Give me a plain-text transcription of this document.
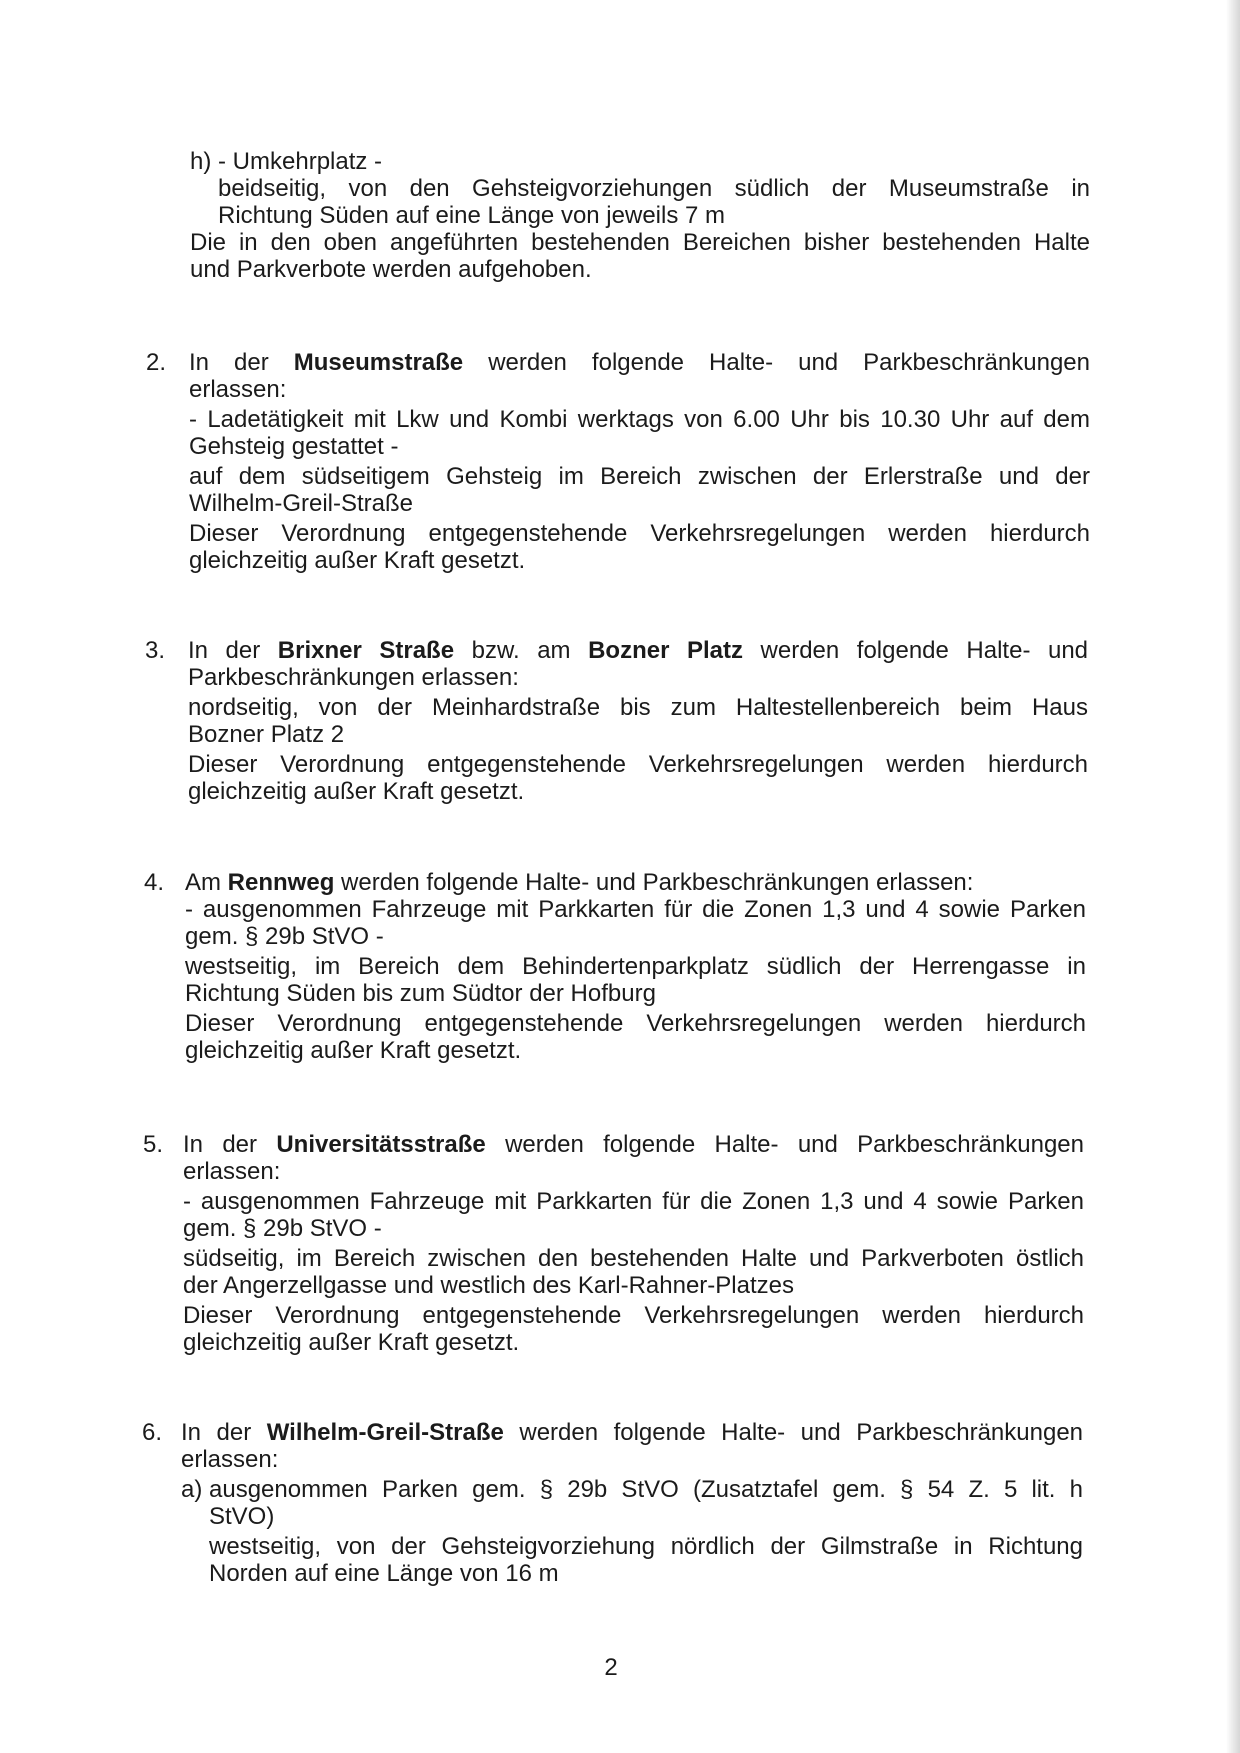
h) - Umkehrplatz -
beidseitig, von den Gehsteigvorziehungen südlich der Museumstraße in
Richtung Süden auf eine Länge von jeweils 7 m
Die in den oben angeführten bestehenden Bereichen bisher bestehenden Halte
und Parkverbote werden aufgehoben.
2. In der Museumstraße werden folgende Halte- und Parkbeschränkungen
erlassen:
- Ladetätigkeit mit Lkw und Kombi werktags von 6.00 Uhr bis 10.30 Uhr auf dem
Gehsteig gestattet -
auf dem südseitigem Gehsteig im Bereich zwischen der Erlerstraße und der
Wilhelm-Greil-Straße
Dieser Verordnung entgegenstehende Verkehrsregelungen werden hierdurch
gleichzeitig außer Kraft gesetzt.
3. In der Brixner Straße bzw. am Bozner Platz werden folgende Halte- und
Parkbeschränkungen erlassen:
nordseitig, von der Meinhardstraße bis zum Haltestellenbereich beim Haus
Bozner Platz 2
Dieser Verordnung entgegenstehende Verkehrsregelungen werden hierdurch
gleichzeitig außer Kraft gesetzt.
4. Am Rennweg werden folgende Halte- und Parkbeschränkungen erlassen:
- ausgenommen Fahrzeuge mit Parkkarten für die Zonen 1,3 und 4 sowie Parken
gem. § 29b StVO -
westseitig, im Bereich dem Behindertenparkplatz südlich der Herrengasse in
Richtung Süden bis zum Südtor der Hofburg
Dieser Verordnung entgegenstehende Verkehrsregelungen werden hierdurch
gleichzeitig außer Kraft gesetzt.
5. In der Universitätsstraße werden folgende Halte- und Parkbeschränkungen
erlassen:
- ausgenommen Fahrzeuge mit Parkkarten für die Zonen 1,3 und 4 sowie Parken
gem. § 29b StVO -
südseitig, im Bereich zwischen den bestehenden Halte und Parkverboten östlich
der Angerzellgasse und westlich des Karl-Rahner-Platzes
Dieser Verordnung entgegenstehende Verkehrsregelungen werden hierdurch
gleichzeitig außer Kraft gesetzt.
6. In der Wilhelm-Greil-Straße werden folgende Halte- und Parkbeschränkungen
erlassen:
a) ausgenommen Parken gem. § 29b StVO (Zusatztafel gem. § 54 Z. 5 lit. h
StVO)
westseitig, von der Gehsteigvorziehung nördlich der Gilmstraße in Richtung
Norden auf eine Länge von 16 m
2
